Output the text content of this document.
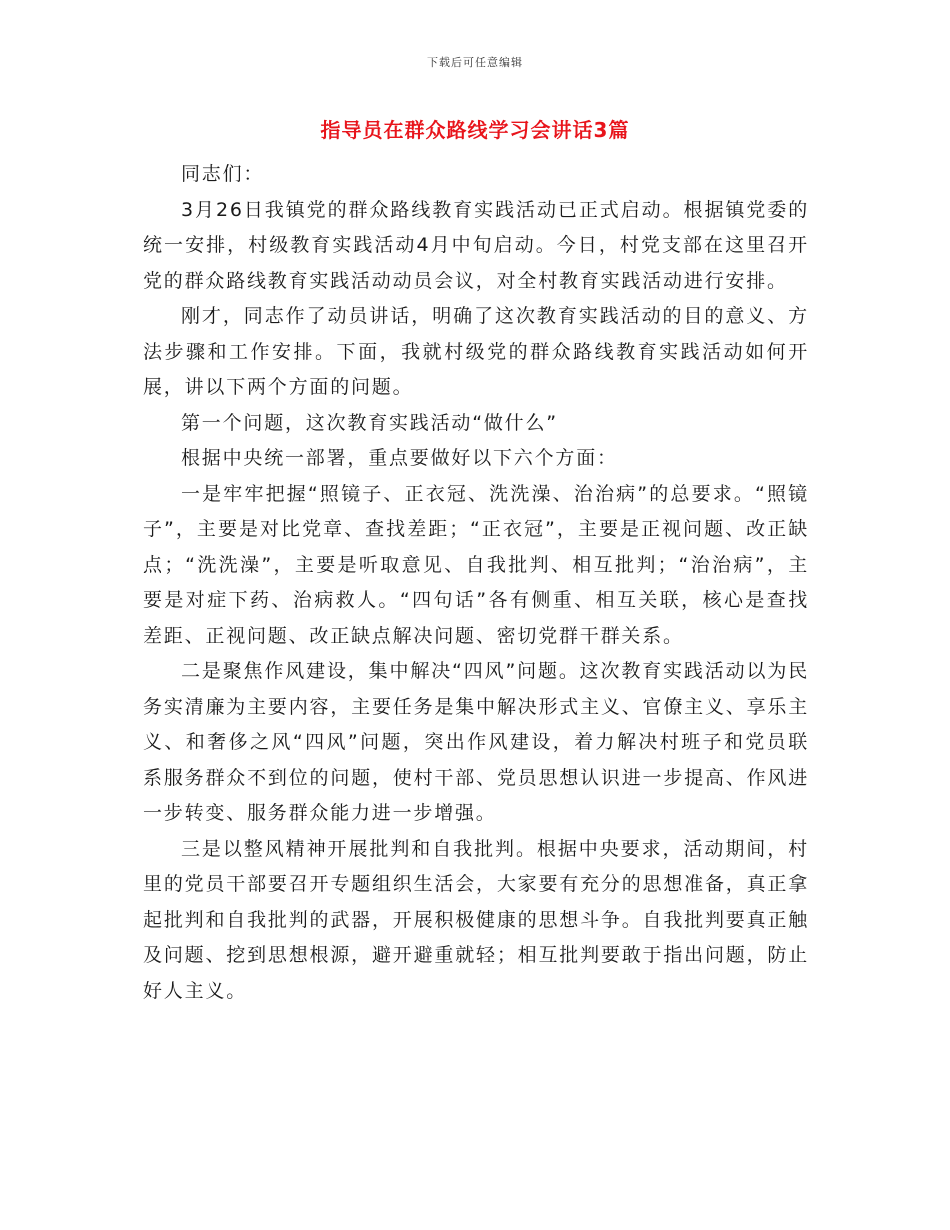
下载后可任意编辑
指导员在群众路线学习会讲话3篇

同志们：

3月26日我镇党的群众路线教育实践活动已正式启动。根据镇党委的统一安排，村级教育实践活动4月中旬启动。今日，村党支部在这里召开党的群众路线教育实践活动动员会议，对全村教育实践活动进行安排。

刚才，同志作了动员讲话，明确了这次教育实践活动的目的意义、方法步骤和工作安排。下面，我就村级党的群众路线教育实践活动如何开展，讲以下两个方面的问题。

第一个问题，这次教育实践活动“做什么”

根据中央统一部署，重点要做好以下六个方面：

一是牢牢把握“照镜子、正衣冠、洗洗澡、治治病”的总要求。“照镜子”，主要是对比党章、查找差距；“正衣冠”，主要是正视问题、改正缺点；“洗洗澡”，主要是听取意见、自我批判、相互批判；“治治病”，主要是对症下药、治病救人。“四句话”各有侧重、相互关联，核心是查找差距、正视问题、改正缺点解决问题、密切党群干群关系。

二是聚焦作风建设，集中解决“四风”问题。这次教育实践活动以为民务实清廉为主要内容，主要任务是集中解决形式主义、官僚主义、享乐主义、和奢侈之风“四风”问题，突出作风建设，着力解决村班子和党员联系服务群众不到位的问题，使村干部、党员思想认识进一步提高、作风进一步转变、服务群众能力进一步增强。

三是以整风精神开展批判和自我批判。根据中央要求，活动期间，村里的党员干部要召开专题组织生活会，大家要有充分的思想准备，真正拿起批判和自我批判的武器，开展积极健康的思想斗争。自我批判要真正触及问题、挖到思想根源，避开避重就轻；相互批判要敢于指出问题，防止好人主义。
